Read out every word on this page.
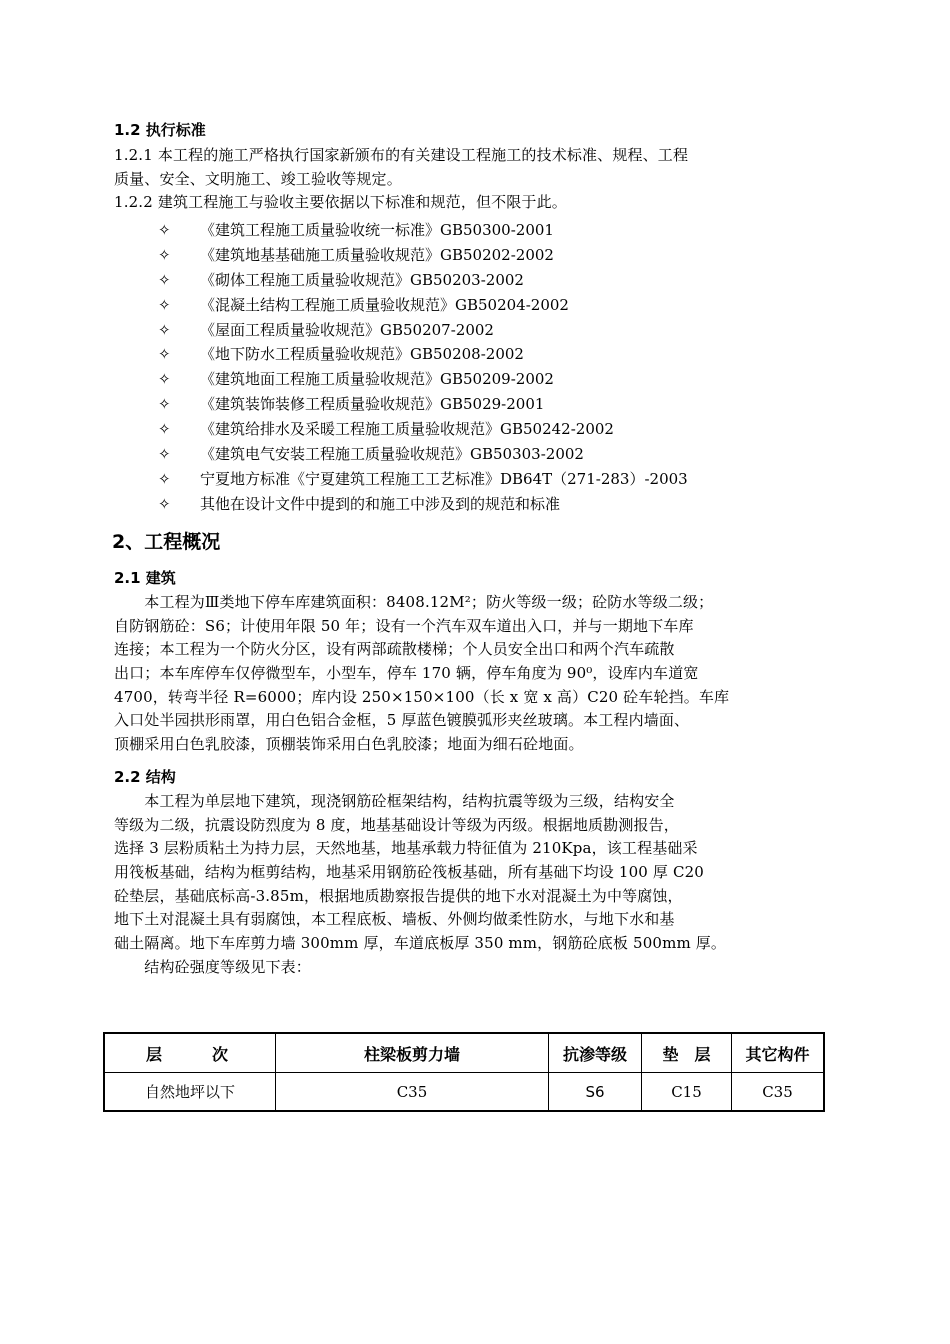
1.2 执行标准
1.2.1 本工程的施工严格执行国家新颁布的有关建设工程施工的技术标准、规程、工程
质量、安全、文明施工、竣工验收等规定。
1.2.2 建筑工程施工与验收主要依据以下标准和规范，但不限于此。
✧ 《建筑工程施工质量验收统一标准》GB50300-2001
✧ 《建筑地基基础施工质量验收规范》GB50202-2002
✧ 《砌体工程施工质量验收规范》GB50203-2002
✧ 《混凝土结构工程施工质量验收规范》GB50204-2002
✧ 《屋面工程质量验收规范》GB50207-2002
✧ 《地下防水工程质量验收规范》GB50208-2002
✧ 《建筑地面工程施工质量验收规范》GB50209-2002
✧ 《建筑装饰装修工程质量验收规范》GB5029-2001
✧ 《建筑给排水及采暖工程施工质量验收规范》GB50242-2002
✧ 《建筑电气安装工程施工质量验收规范》GB50303-2002
✧ 宁夏地方标准《宁夏建筑工程施工工艺标准》DB64T（271-283）-2003
✧ 其他在设计文件中提到的和施工中涉及到的规范和标准
2、工程概况
2.1 建筑
　　本工程为Ⅲ类地下停车库建筑面积：8408.12M²；防火等级一级；砼防水等级二级；
自防钢筋砼：S6；计使用年限 50 年；设有一个汽车双车道出入口，并与一期地下车库
连接；本工程为一个防火分区，设有两部疏散楼梯；个人员安全出口和两个汽车疏散
出口；本车库停车仅停微型车，小型车，停车 170 辆，停车角度为 90⁰，设库内车道宽
4700，转弯半径 R=6000；库内设 250×150×100（长 x 宽 x 高）C20 砼车轮挡。车库
入口处半园拱形雨罩，用白色铝合金框，5 厚蓝色镀膜弧形夹丝玻璃。本工程内墙面、
顶棚采用白色乳胶漆，顶棚装饰采用白色乳胶漆；地面为细石砼地面。
2.2 结构
　　本工程为单层地下建筑，现浇钢筋砼框架结构，结构抗震等级为三级，结构安全
等级为二级，抗震设防烈度为 8 度，地基基础设计等级为丙级。根据地质勘测报告，
选择 3 层粉质粘土为持力层，天然地基，地基承载力特征值为 210Kpa，该工程基础采
用筏板基础，结构为框剪结构，地基采用钢筋砼筏板基础，所有基础下均设 100 厚 C20
砼垫层，基础底标高-3.85m，根据地质勘察报告提供的地下水对混凝土为中等腐蚀，
地下土对混凝土具有弱腐蚀，本工程底板、墙板、外侧均做柔性防水，与地下水和基
础土隔离。地下车库剪力墙 300mm 厚，车道底板厚 350 mm，钢筋砼底板 500mm 厚。
　　结构砼强度等级见下表：
层　　次	柱梁板剪力墙	抗渗等级	垫　层	其它构件
自然地坪以下	C35	S6	C15	C35
